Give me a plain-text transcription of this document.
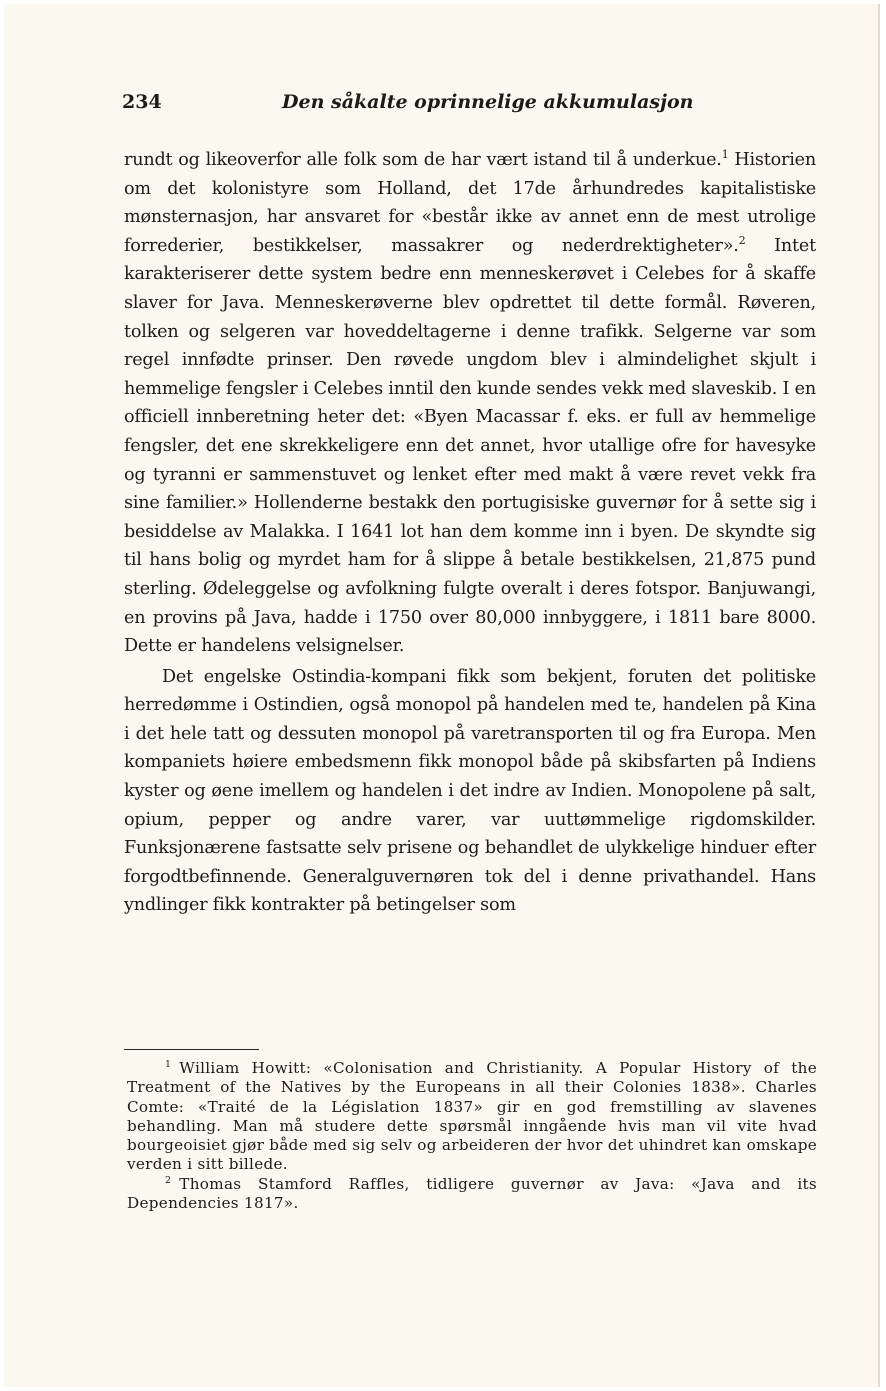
234	Den såkalte oprinnelige akkumulasjon

rundt og likeoverfor alle folk som de har vært istand til å underkue.$^1$ Historien om det kolonistyre som Holland, det 17de århundredes kapitalistiske mønsternasjon, har ansvaret for «består ikke av annet enn de mest utrolige forrederier, bestikkelser, massakrer og nederdrektigheter».$^2$ Intet karakteriserer dette system bedre enn menneskerøvet i Celebes for å skaffe slaver for Java. Menneskerøverne blev opdrettet til dette formål. Røveren, tolken og selgeren var hoveddeltagerne i denne trafikk. Selgerne var som regel innfødte prinser. Den røvede ungdom blev i almindelighet skjult i hemmelige fengsler i Celebes inntil den kunde sendes vekk med slaveskib. I en officiell innberetning heter det: «Byen Macassar f. eks. er full av hemmelige fengsler, det ene skrekkeligere enn det annet, hvor utallige ofre for havesyke og tyranni er sammenstuvet og lenket efter med makt å være revet vekk fra sine familier.» Hollenderne bestakk den portugisiske guvernør for å sette sig i besiddelse av Malakka. I 1641 lot han dem komme inn i byen. De skyndte sig til hans bolig og myrdet ham for å slippe å betale bestikkelsen, 21,875 pund sterling. Ødeleggelse og avfolkning fulgte overalt i deres fotspor. Banjuwangi, en provins på Java, hadde i 1750 over 80,000 innbyggere, i 1811 bare 8000. Dette er handelens velsignelser.

Det engelske Ostindia-kompani fikk som bekjent, foruten det politiske herredømme i Ostindien, også monopol på handelen med te, handelen på Kina i det hele tatt og dessuten monopol på varetransporten til og fra Europa. Men kompaniets høiere embedsmenn fikk monopol både på skibsfarten på Indiens kyster og øene imellem og handelen i det indre av Indien. Monopolene på salt, opium, pepper og andre varer, var uuttømmelige rigdomskilder. Funksjonærene fastsatte selv prisene og behandlet de ulykkelige hinduer efter forgodtbefinnende. Generalguvernøren tok del i denne privathandel. Hans yndlinger fikk kontrakter på betingelser som

$^1$ William Howitt: «Colonisation and Christianity. A Popular History of the Treatment of the Natives by the Europeans in all their Colonies 1838». Charles Comte: «Traité de la Législation 1837» gir en god fremstilling av slavenes behandling. Man må studere dette spørsmål inngående hvis man vil vite hvad bourgeoisiet gjør både med sig selv og arbeideren der hvor det uhindret kan omskape verden i sitt billede.

$^2$ Thomas Stamford Raffles, tidligere guvernør av Java: «Java and its Dependencies 1817».
